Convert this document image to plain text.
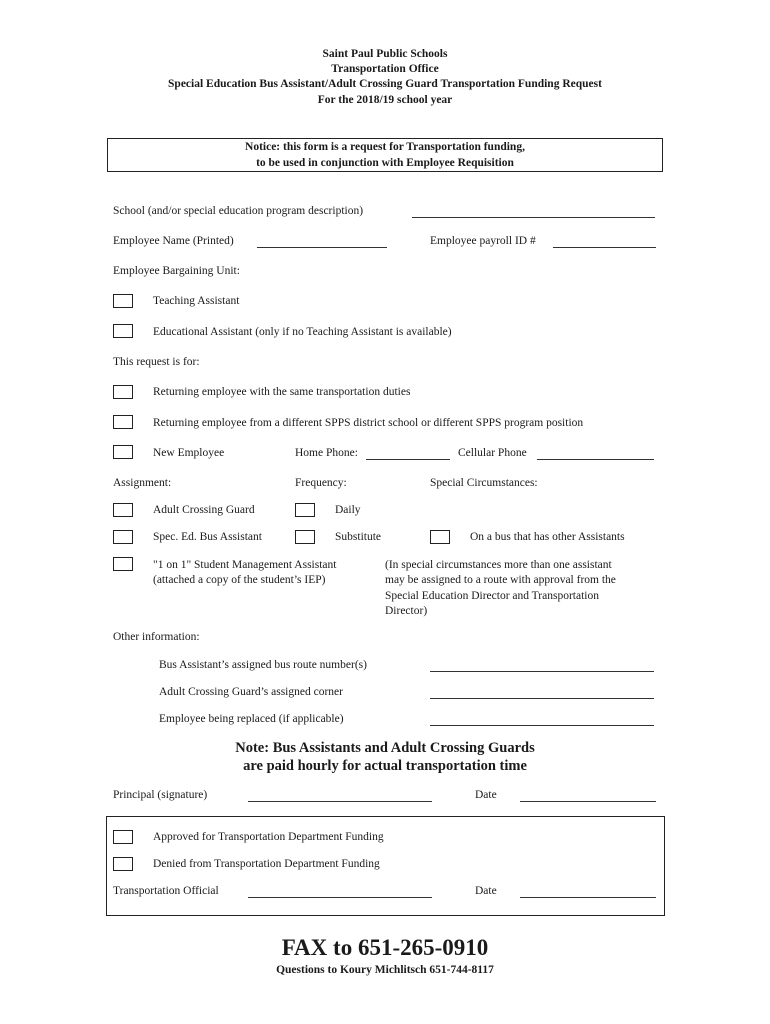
Saint Paul Public Schools
Transportation Office
Special Education Bus Assistant/Adult Crossing Guard Transportation Funding Request
For the 2018/19 school year
Notice: this form is a request for Transportation funding,
to be used in conjunction with Employee Requisition
School (and/or special education program description)
Employee Name (Printed)	Employee payroll ID #
Employee Bargaining Unit:
Teaching Assistant
Educational Assistant (only if no Teaching Assistant is available)
This request is for:
Returning employee with the same transportation duties
Returning employee from a different SPPS district school or different SPPS program position
New Employee	Home Phone:	Cellular Phone
Assignment:	Frequency:	Special Circumstances:
Adult Crossing Guard	Daily
Spec. Ed. Bus Assistant	Substitute	On a bus that has other Assistants
"1 on 1" Student Management Assistant
(attached a copy of the student’s IEP)
(In special circumstances more than one assistant
may be assigned to a route with approval from the
Special Education Director and Transportation
Director)
Other information:
Bus Assistant’s assigned bus route number(s)
Adult Crossing Guard’s assigned corner
Employee being replaced (if applicable)
Note: Bus Assistants and Adult Crossing Guards
are paid hourly for actual transportation time
Principal (signature)	Date
Approved for Transportation Department Funding
Denied from Transportation Department Funding
Transportation Official	Date
FAX to 651-265-0910
Questions to Koury Michlitsch 651-744-8117
